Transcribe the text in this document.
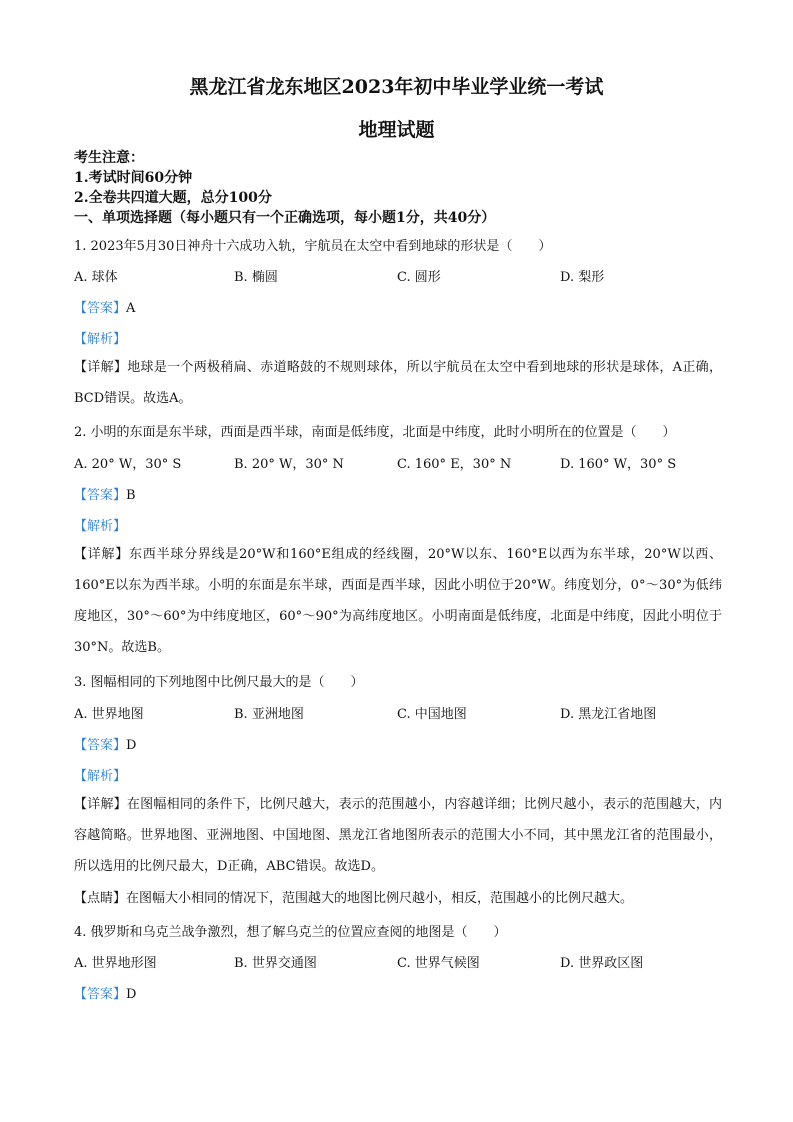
黑龙江省龙东地区2023年初中毕业学业统一考试
地理试题
考生注意：
1.考试时间60分钟
2.全卷共四道大题，总分100分
一、单项选择题（每小题只有一个正确选项，每小题1分，共40分）
1. 2023年5月30日神舟十六成功入轨，宇航员在太空中看到地球的形状是（　　）
A. 球体	B. 椭圆	C. 圆形	D. 梨形
【答案】A
【解析】
【详解】地球是一个两极稍扁、赤道略鼓的不规则球体，所以宇航员在太空中看到地球的形状是球体，A正确，BCD错误。故选A。
2. 小明的东面是东半球，西面是西半球，南面是低纬度，北面是中纬度，此时小明所在的位置是（　　）
A. 20° W，30° S	B. 20° W，30° N	C. 160° E，30° N	D. 160° W，30° S
【答案】B
【解析】
【详解】东西半球分界线是20°W和160°E组成的经线圈，20°W以东、160°E以西为东半球，20°W以西、160°E以东为西半球。小明的东面是东半球，西面是西半球，因此小明位于20°W。纬度划分，0°～30°为低纬度地区，30°～60°为中纬度地区，60°～90°为高纬度地区。小明南面是低纬度，北面是中纬度，因此小明位于30°N。故选B。
3. 图幅相同的下列地图中比例尺最大的是（　　）
A. 世界地图	B. 亚洲地图	C. 中国地图	D. 黑龙江省地图
【答案】D
【解析】
【详解】在图幅相同的条件下，比例尺越大，表示的范围越小，内容越详细；比例尺越小，表示的范围越大，内容越简略。世界地图、亚洲地图、中国地图、黑龙江省地图所表示的范围大小不同，其中黑龙江省的范围最小，所以选用的比例尺最大，D正确，ABC错误。故选D。
【点睛】在图幅大小相同的情况下，范围越大的地图比例尺越小，相反，范围越小的比例尺越大。
4. 俄罗斯和乌克兰战争激烈，想了解乌克兰的位置应查阅的地图是（　　）
A. 世界地形图	B. 世界交通图	C. 世界气候图	D. 世界政区图
【答案】D
